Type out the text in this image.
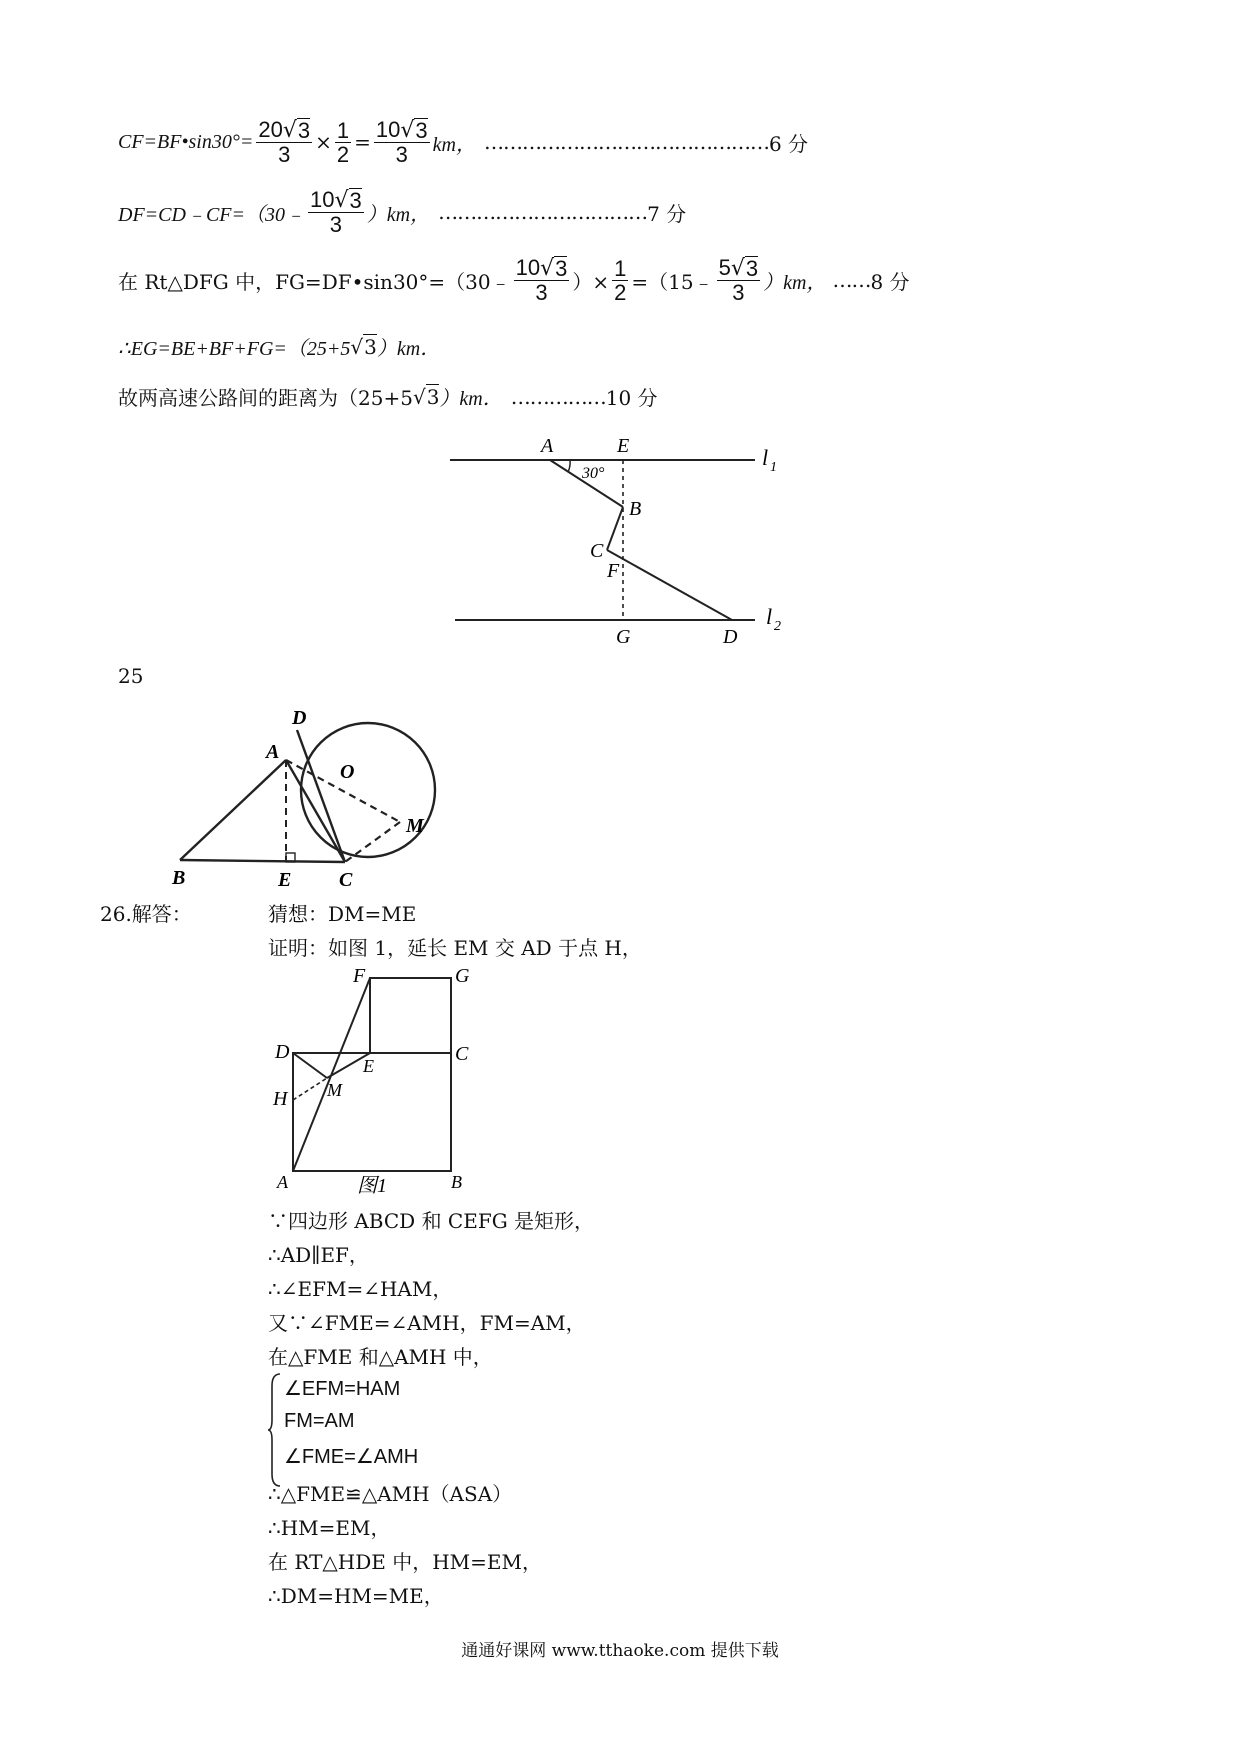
CF=BF•sin30°= $\frac{20 √ 3}{3} \times \frac{1}{2} = \frac{10 √ 3}{3}$ km， ……………………………………… 6 分
DF=CD﹣CF=（30﹣ $\frac{10 √ 3}{3} )km$， …………………………… 7 分
在 Rt△DFG 中，FG=DF•sin30°=（30﹣ $\frac{10 √ 3}{3}$ ）× $\frac{1}{2}$ =（15﹣ $\frac{5 √ 3}{3} )km$， …… 8 分
∴EG=BE+BF+FG=（25+5 √ 3 ）km．
故两高速公路间的距离为（25+5 √ 3 ）km． …………… 10 分
A	E	l 1
30°
B
C
F
G	D
l 2
25
D
A
O
M
B	E C
26.解答：	猜想：DM=ME
证明：如图 1，延长 EM 交 AD 于点 H，
F	G
D
E
C
H M
A	图1	B
∵四边形 ABCD 和 CEFG 是矩形，
∴AD∥EF，
∴∠EFM=∠HAM，
又∵∠FME=∠AMH，FM=AM，
在△FME 和△AMH 中，
∠EFM=HAM
FM=AM
∠FME=∠AMH
∴△FME≌△AMH（ASA）
∴HM=EM，
在 RT△HDE 中，HM=EM，
∴DM=HM=ME，
通通好课网 www.tthaoke.com 提供下载
